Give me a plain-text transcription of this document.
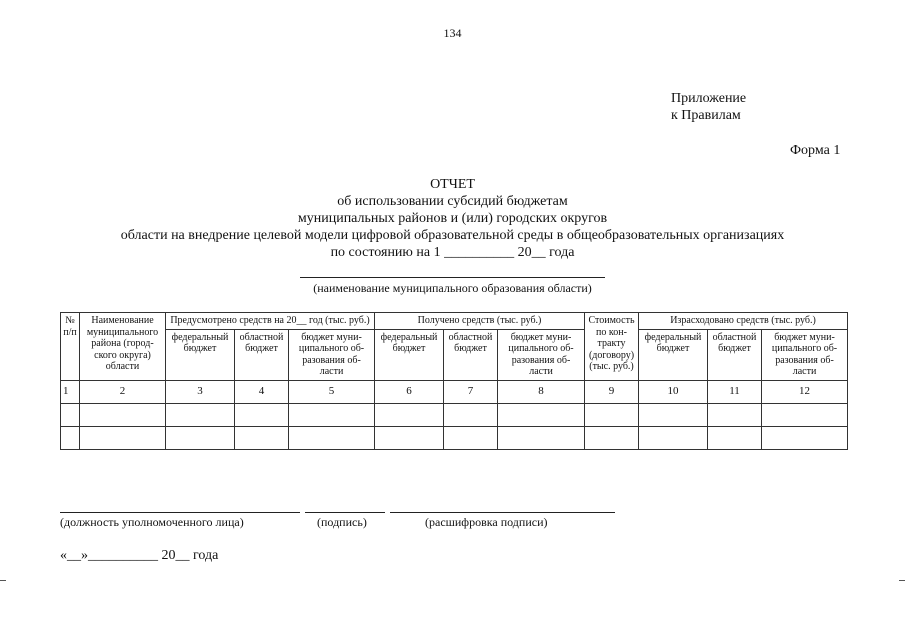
134
Приложение
к Правилам
Форма 1
ОТЧЕТ
об использовании субсидий бюджетам
муниципальных районов и (или) городских округов
области на внедрение целевой модели цифровой образовательной среды в общеобразовательных организациях
по состоянию на 1 __________ 20__ года
(наименование муниципального образования области)
№ п/п	Наименование муниципального района (город-ского округа) области	Предусмотрено средств на 20__ год (тыс. руб.)			Получено средств (тыс. руб.)			Стоимость по кон-тракту (договору) (тыс. руб.)	Израсходовано средств (тыс. руб.)		
		федеральный бюджет	областной бюджет	бюджет муни-ципального об-разования об-ласти	федеральный бюджет	областной бюджет	бюджет муни-ципального об-разования об-ласти		федеральный бюджет	областной бюджет	бюджет муни-ципального об-разования об-ласти
1	2	3	4	5	6	7	8	9	10	11	12

(должность уполномоченного лица)	(подпись)	(расшифровка подписи)
«__»__________ 20__ года
